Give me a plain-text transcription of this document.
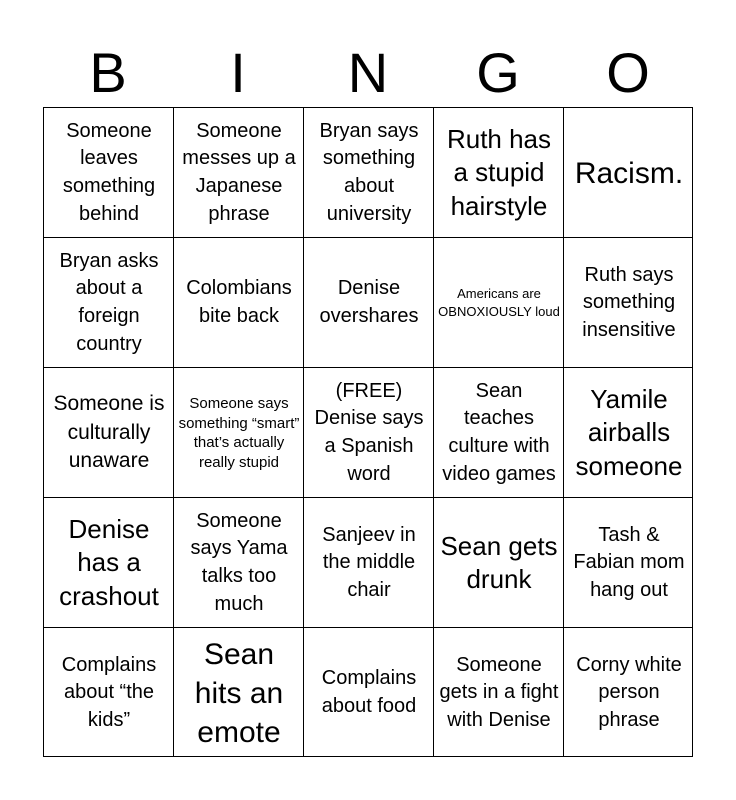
B	I	N	G	O
Someone leaves something behind
Someone messes up a Japanese phrase
Bryan says something about university
Ruth has a stupid hairstyle
Racism.
Bryan asks about a foreign country
Colombians bite back
Denise overshares
Americans are OBNOXIOUSLY loud
Ruth says something insensitive
Someone is culturally unaware
Someone says something “smart” that’s actually really stupid
(FREE) Denise says a Spanish word
Sean teaches culture with video games
Yamile airballs someone
Denise has a crashout
Someone says Yama talks too much
Sanjeev in the middle chair
Sean gets drunk
Tash & Fabian mom hang out
Complains about “the kids”
Sean hits an emote
Complains about food
Someone gets in a fight with Denise
Corny white person phrase
